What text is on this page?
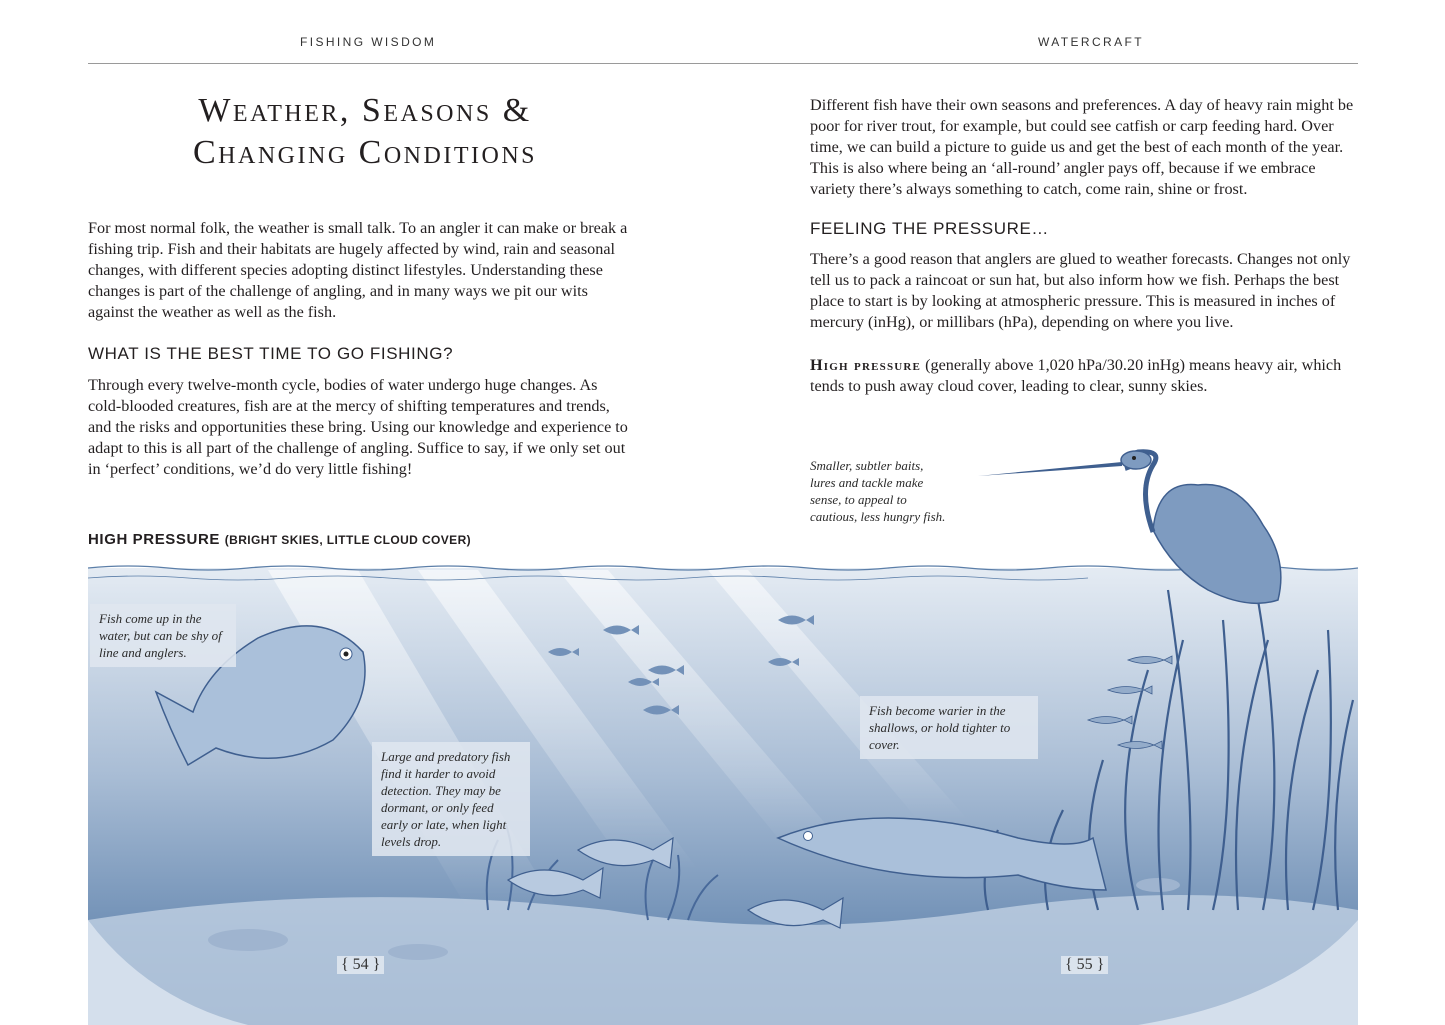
FISHING WISDOM	WATERCRAFT
Weather, Seasons &
Changing Conditions

For most normal folk, the weather is small talk. To an angler it can make or break a fishing trip. Fish and their habitats are hugely affected by wind, rain and seasonal changes, with different species adopting distinct lifestyles. Understanding these changes is part of the challenge of angling, and in many ways we pit our wits against the weather as well as the fish.

WHAT IS THE BEST TIME TO GO FISHING?

Through every twelve-month cycle, bodies of water undergo huge changes. As cold-blooded creatures, fish are at the mercy of shifting temperatures and trends, and the risks and opportunities these bring. Using our knowledge and experience to adapt to this is all part of the challenge of angling. Suffice to say, if we only set out in ‘perfect’ conditions, we’d do very little fishing!

HIGH PRESSURE (BRIGHT SKIES, LITTLE CLOUD COVER)

Different fish have their own seasons and preferences. A day of heavy rain might be poor for river trout, for example, but could see catfish or carp feeding hard. Over time, we can build a picture to guide us and get the best of each month of the year. This is also where being an ‘all-round’ angler pays off, because if we embrace variety there’s always something to catch, come rain, shine or frost.

FEELING THE PRESSURE…

There’s a good reason that anglers are glued to weather forecasts. Changes not only tell us to pack a raincoat or sun hat, but also inform how we fish. Perhaps the best place to start is by looking at atmospheric pressure. This is measured in inches of mercury (inHg), or millibars (hPa), depending on where you live.

High pressure (generally above 1,020 hPa/30.20 inHg) means heavy air, which tends to push away cloud cover, leading to clear, sunny skies.

Smaller, subtler baits, lures and tackle make sense, to appeal to cautious, less hungry fish.
Fish come up in the water, but can be shy of line and anglers.
Large and predatory fish find it harder to avoid detection. They may be dormant, or only feed early or late, when light levels drop.
Fish become warier in the shallows, or hold tighter to cover.
{ 54 }	{ 55 }
